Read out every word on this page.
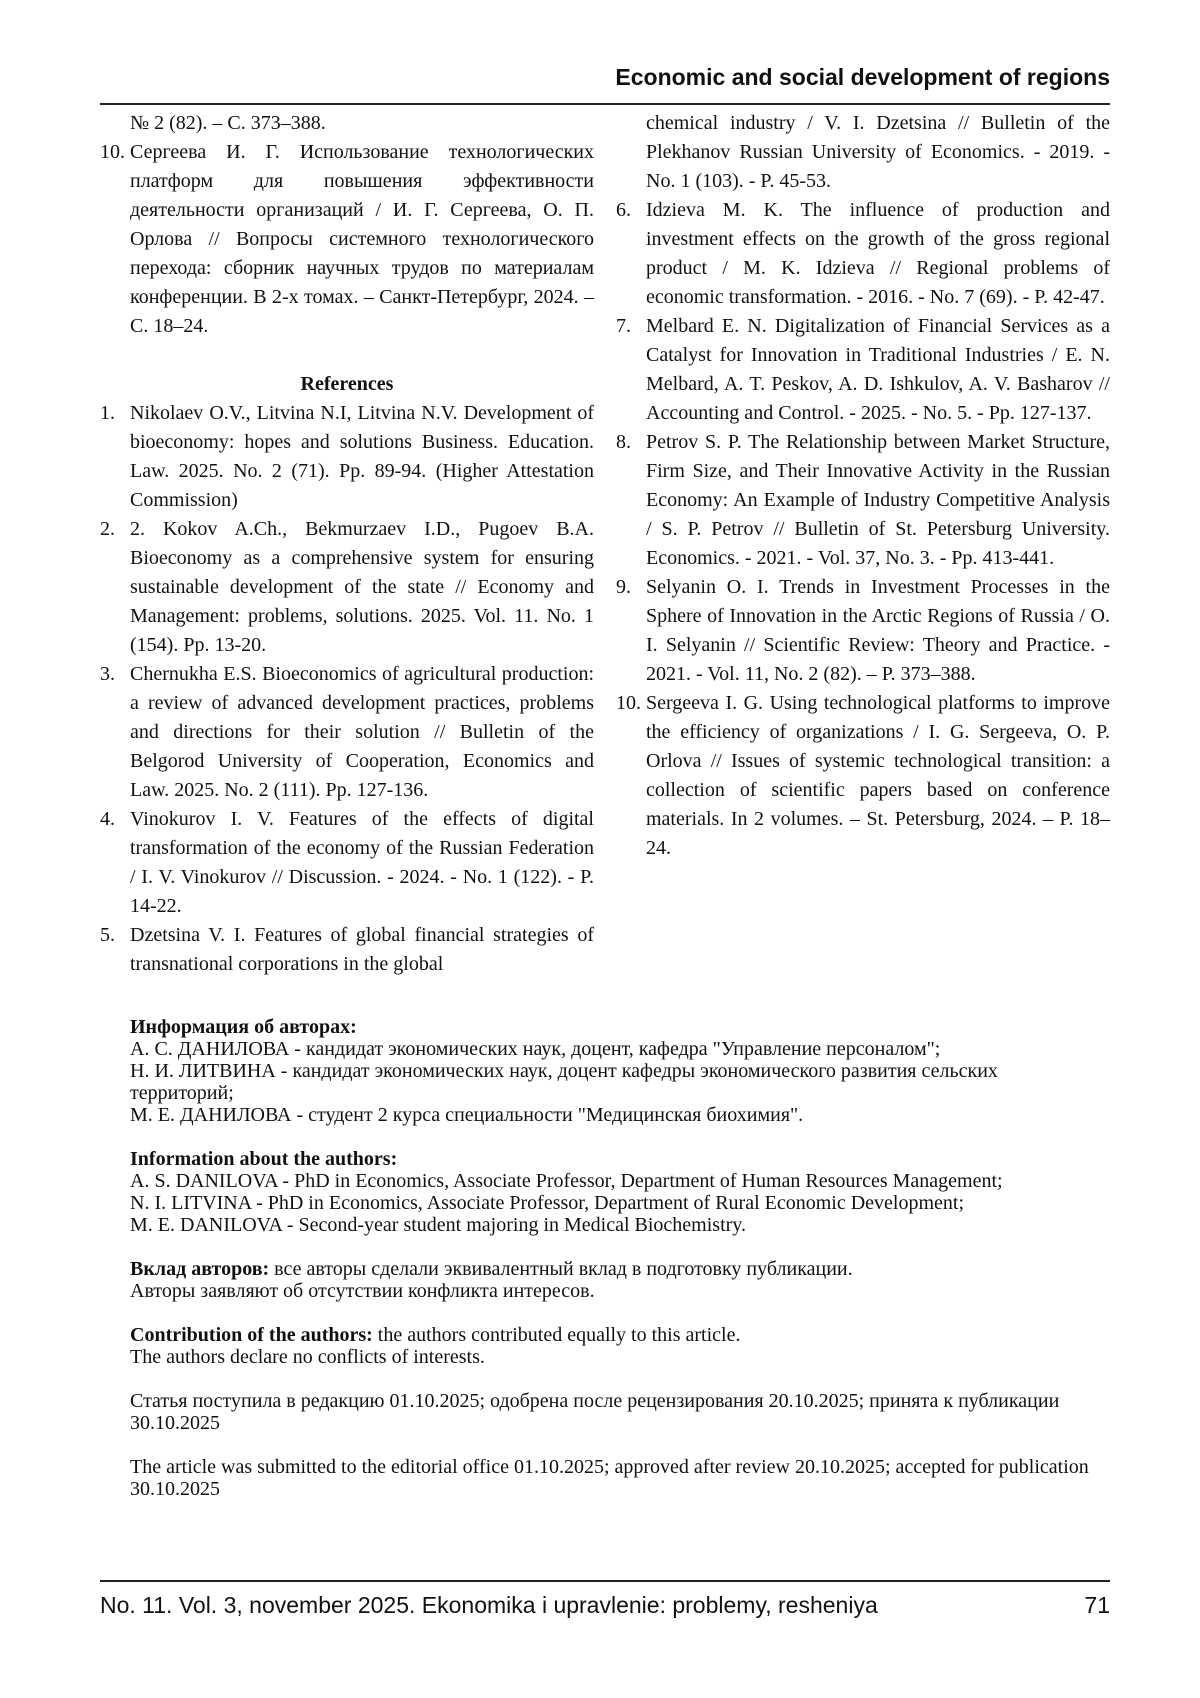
Economic and social development of regions
№ 2 (82). – С. 373–388.
10. Сергеева И. Г. Использование технологических платформ для повышения эффективности деятельности организаций / И. Г. Сергеева, О. П. Орлова // Вопросы системного технологического перехода: сборник научных трудов по материалам конференции. В 2-х томах. – Санкт-Петербург, 2024. – С. 18–24.
References
1. Nikolaev O.V., Litvina N.I, Litvina N.V. Development of bioeconomy: hopes and solutions Business. Education. Law. 2025. No. 2 (71). Pp. 89-94. (Higher Attestation Commission)
2. 2. Kokov A.Ch., Bekmurzaev I.D., Pugoev B.A. Bioeconomy as a comprehensive system for ensuring sustainable development of the state // Economy and Management: problems, solutions. 2025. Vol. 11. No. 1 (154). Pp. 13-20.
3. Chernukha E.S. Bioeconomics of agricultural production: a review of advanced development practices, problems and directions for their solution // Bulletin of the Belgorod University of Cooperation, Economics and Law. 2025. No. 2 (111). Pp. 127-136.
4. Vinokurov I. V. Features of the effects of digital transformation of the economy of the Russian Federation / I. V. Vinokurov // Discussion. - 2024. - No. 1 (122). - P. 14-22.
5. Dzetsina V. I. Features of global financial strategies of transnational corporations in the global
chemical industry / V. I. Dzetsina // Bulletin of the Plekhanov Russian University of Economics. - 2019. - No. 1 (103). - P. 45-53.
6. Idzieva M. K. The influence of production and investment effects on the growth of the gross regional product / M. K. Idzieva // Regional problems of economic transformation. - 2016. - No. 7 (69). - P. 42-47.
7. Melbard E. N. Digitalization of Financial Services as a Catalyst for Innovation in Traditional Industries / E. N. Melbard, A. T. Peskov, A. D. Ishkulov, A. V. Basharov // Accounting and Control. - 2025. - No. 5. - Pp. 127-137.
8. Petrov S. P. The Relationship between Market Structure, Firm Size, and Their Innovative Activity in the Russian Economy: An Example of Industry Competitive Analysis / S. P. Petrov // Bulletin of St. Petersburg University. Economics. - 2021. - Vol. 37, No. 3. - Pp. 413-441.
9. Selyanin O. I. Trends in Investment Processes in the Sphere of Innovation in the Arctic Regions of Russia / O. I. Selyanin // Scientific Review: Theory and Practice. - 2021. - Vol. 11, No. 2 (82). – P. 373–388.
10. Sergeeva I. G. Using technological platforms to improve the efficiency of organizations / I. G. Sergeeva, O. P. Orlova // Issues of systemic technological transition: a collection of scientific papers based on conference materials. In 2 volumes. – St. Petersburg, 2024. – P. 18–24.

Информация об авторах:

А. С. ДАНИЛОВА - кандидат экономических наук, доцент, кафедра "Управление персоналом";

Н. И. ЛИТВИНА - кандидат экономических наук, доцент кафедры экономического развития сельских территорий;

М. Е. ДАНИЛОВА - студент 2 курса специальности "Медицинская биохимия".

Information about the authors:

A. S. DANILOVA - PhD in Economics, Associate Professor, Department of Human Resources Management;

N. I. LITVINA - PhD in Economics, Associate Professor, Department of Rural Economic Development;

M. E. DANILOVA - Second-year student majoring in Medical Biochemistry.

Вклад авторов: все авторы сделали эквивалентный вклад в подготовку публикации.

Авторы заявляют об отсутствии конфликта интересов.

Contribution of the authors: the authors contributed equally to this article.

The authors declare no conflicts of interests.

Статья поступила в редакцию 01.10.2025; одобрена после рецензирования 20.10.2025; принята к публикации 30.10.2025

The article was submitted to the editorial office 01.10.2025; approved after review 20.10.2025; accepted for publication 30.10.2025

No. 11. Vol. 3, november 2025. Ekonomika i upravlenie: problemy, resheniya	71
